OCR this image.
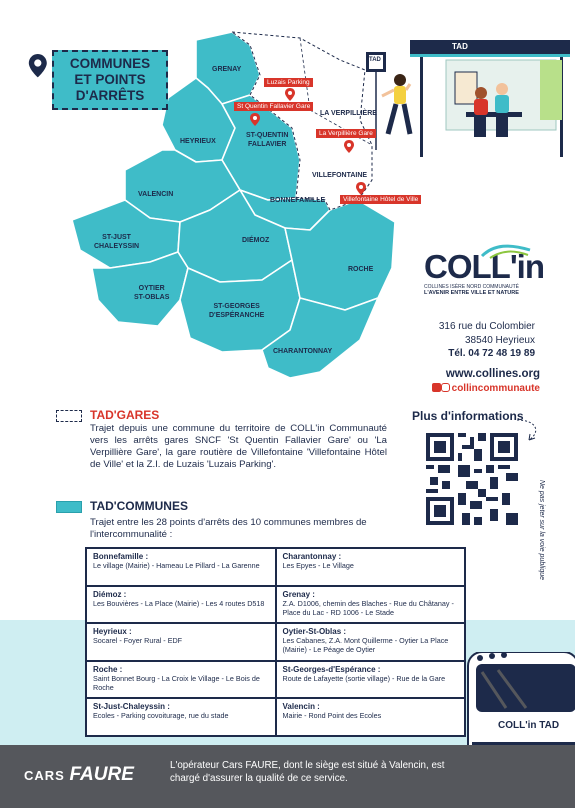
COMMUNES
ET POINTS
D'ARRÊTS
GRENAY
HEYRIEUX
ST-QUENTIN
FALLAVIER
LA VERPILLIÈRE
VILLEFONTAINE
VALENCIN
BONNEFAMILLE
ST-JUST
CHALEYSSIN
DIÉMOZ
OYTIER
ST-OBLAS
ST-GEORGES
D'ESPÉRANCHE
ROCHE
CHARANTONNAY
Luzais Parking
St Quentin Fallavier Gare
La Verpillière Gare
Villefontaine Hôtel de Ville
TAD
TAD
COLL'in
COLLINES ISÈRE NORD COMMUNAUTÉ
L'AVENIR ENTRE VILLE ET NATURE
316 rue du Colombier
38540 Heyrieux
Tél. 04 72 48 19 89
www.collines.org
collincommunaute
TAD'GARES
Trajet depuis une commune du territoire de COLL'in Communauté vers les arrêts gares SNCF 'St Quentin Fallavier Gare' ou 'La Verpillière Gare', la gare routière de Villefontaine 'Villefontaine Hôtel de Ville' et la Z.I. de Luzais 'Luzais Parking'.
TAD'COMMUNES
Trajet entre les 28 points d'arrêts des 10 communes membres de l'intercommunalité :
Plus d'informations
Ne pas jeter sur la voie publique
Bonnefamille :
Le village (Mairie) - Hameau Le Pillard - La Garenne
Charantonnay :
Les Epyes - Le Village
Diémoz :
Les Bouvières - La Place (Mairie) - Les 4 routes D518
Grenay :
Z.A. D1006, chemin des Blaches - Rue du Châtanay - Place du Lac - RD 1006 - Le Stade
Heyrieux :
Socarel - Foyer Rural - EDF
Oytier-St-Oblas :
Les Cabanes, Z.A. Mont Quillerme - Oytier La Place (Mairie) - Le Péage de Oytier
Roche :
Saint Bonnet Bourg - La Croix le Village - Le Bois de Roche
St-Georges-d'Espérance :
Route de Lafayette (sortie village) - Rue de la Gare
St-Just-Chaleyssin :
Ecoles - Parking covoiturage, rue du stade
Valencin :
Mairie - Rond Point des Ecoles
COLL'in TAD
CARS FAURE	L'opérateur Cars FAURE, dont le siège est situé à Valencin, est chargé d'assurer la qualité de ce service.
